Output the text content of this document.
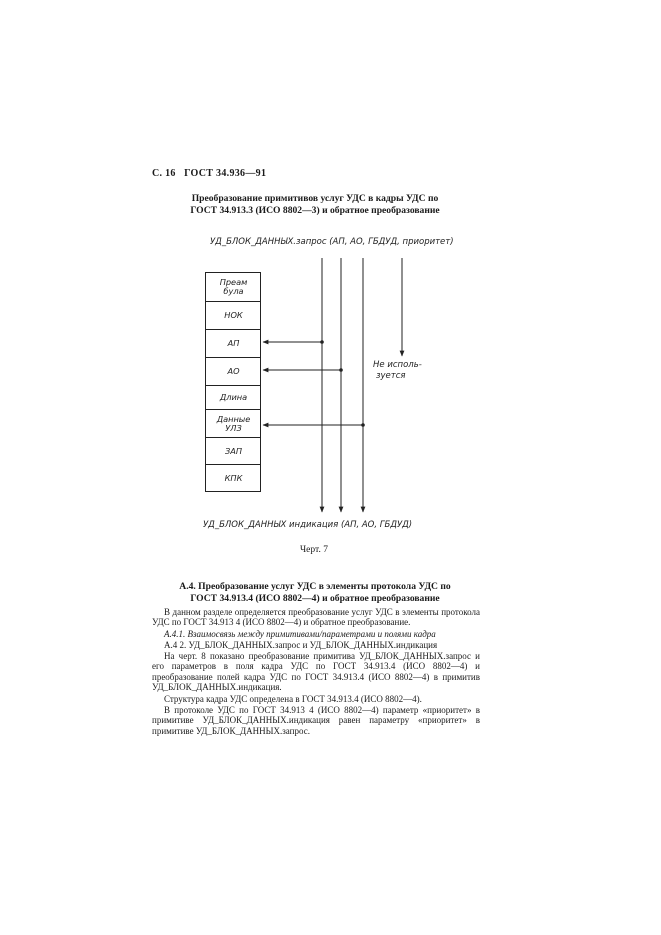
С. 16 ГОСТ 34.936—91
Преобразование примитивов услуг УДС в кадры УДС по
ГОСТ 34.913.3 (ИСО 8802—3) и обратное преобразование
УД_БЛОК_ДАННЫХ.запрос (АП, АО, ГБДУД, приоритет)
Преам
була
НОК
АП
АО
Длина
Данные
УЛЗ
ЗАП
КПК
Не исполь-
зуется
УД_БЛОК_ДАННЫХ индикация (АП, АО, ГБДУД)
Черт. 7
А.4. Преобразование услуг УДС в элементы протокола УДС по
ГОСТ 34.913.4 (ИСО 8802—4) и обратное преобразование
В данном разделе определяется преобразование услуг УДС в элементы протокола УДС по ГОСТ 34.913 4 (ИСО 8802—4) и обратное преобразование.
А.4.1. Взаимосвязь между примитивами/параметрами и полями кадра
А.4 2. УД_БЛОК_ДАННЫХ.запрос и УД_БЛОК_ДАННЫХ.индикация
На черт. 8 показано преобразование примитива УД_БЛОК_ДАННЫХ.запрос и его параметров в поля кадра УДС по ГОСТ 34.913.4 (ИСО 8802—4) и преобразование полей кадра УДС по ГОСТ 34.913.4 (ИСО 8802—4) в примитив УД_БЛОК_ДАННЫХ.индикация.
Структура кадра УДС определена в ГОСТ 34.913.4 (ИСО 8802—4).
В протоколе УДС по ГОСТ 34.913 4 (ИСО 8802—4) параметр «приоритет» в примитиве УД_БЛОК_ДАННЫХ.индикация равен параметру «приоритет» в примитиве УД_БЛОК_ДАННЫХ.запрос.
